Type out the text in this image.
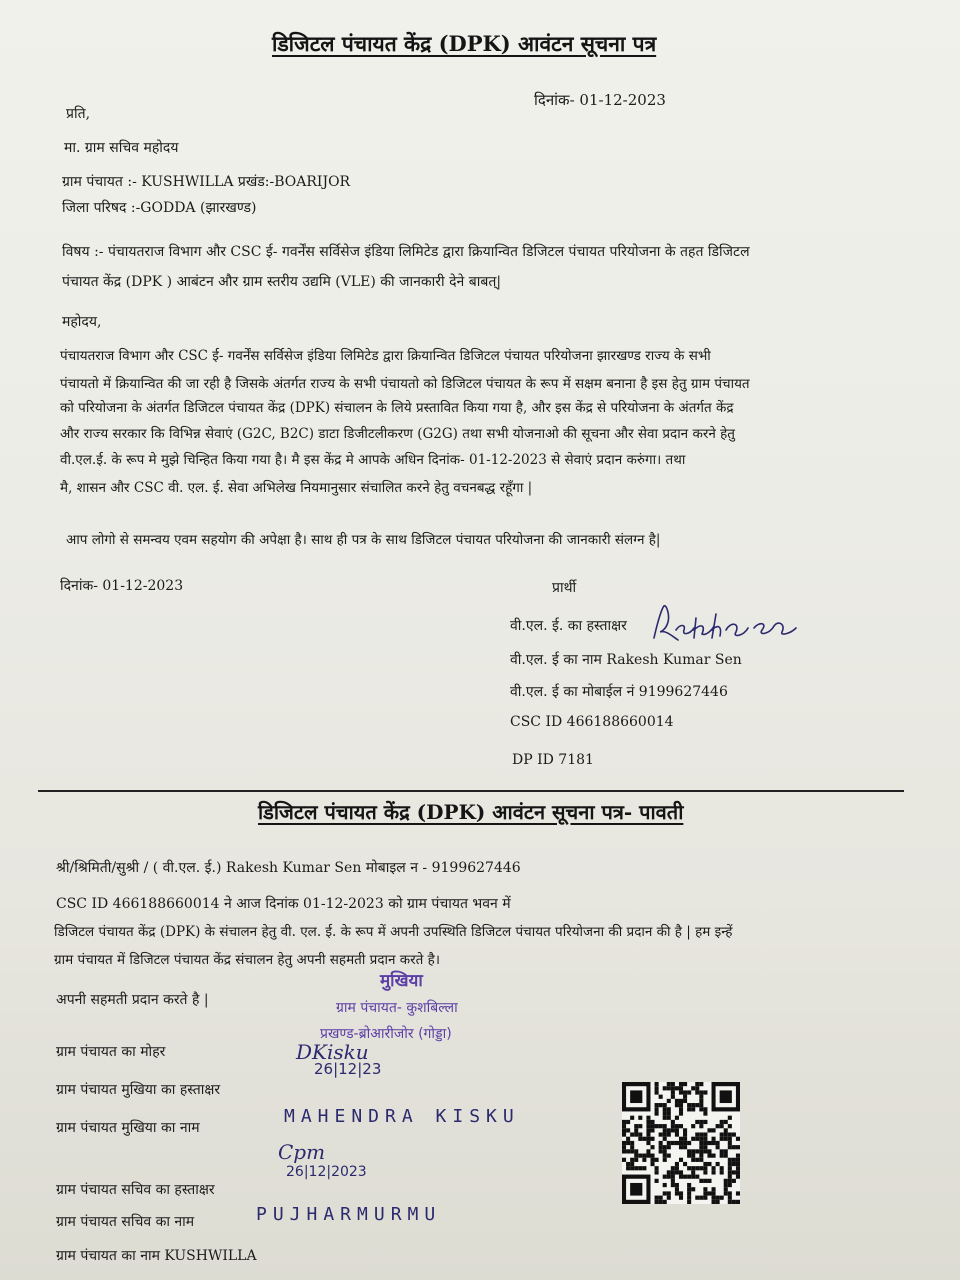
डिजिटल पंचायत केंद्र (DPK) आवंटन सूचना पत्र
दिनांक- 01-12-2023
प्रति,
मा. ग्राम सचिव महोदय
ग्राम पंचायत :- KUSHWILLA प्रखंड:-BOARIJOR
जिला परिषद :-GODDA (झारखण्ड)
विषय :- पंचायतराज विभाग और CSC ई- गवर्नेंस सर्विसेज इंडिया लिमिटेड द्वारा क्रियान्वित डिजिटल पंचायत परियोजना के तहत डिजिटल
पंचायत केंद्र (DPK ) आबंटन और ग्राम स्तरीय उद्यमि (VLE) की जानकारी देने बाबत्|
महोदय,
पंचायतराज विभाग और CSC ई- गवर्नेंस सर्विसेज इंडिया लिमिटेड द्वारा क्रियान्वित डिजिटल पंचायत परियोजना झारखण्ड राज्य के सभी
पंचायतो में क्रियान्वित की जा रही है जिसके अंतर्गत राज्य के सभी पंचायतो को डिजिटल पंचायत के रूप में सक्षम बनाना है इस हेतु ग्राम पंचायत
को परियोजना के अंतर्गत डिजिटल पंचायत केंद्र (DPK) संचालन के लिये प्रस्तावित किया गया है, और इस केंद्र से परियोजना के अंतर्गत केंद्र
और राज्य सरकार कि विभिन्न सेवाएं (G2C, B2C) डाटा डिजीटलीकरण (G2G) तथा सभी योजनाओ की सूचना और सेवा प्रदान करने हेतु
वी.एल.ई. के रूप मे मुझे चिन्हित किया गया है। मै इस केंद्र मे आपके अधिन दिनांक- 01-12-2023 से सेवाएं प्रदान करुंगा। तथा
मै, शासन और CSC वी. एल. ई. सेवा अभिलेख नियमानुसार संचालित करने हेतु वचनबद्ध रहूँगा |
आप लोगो से समन्वय एवम सहयोग की अपेक्षा है। साथ ही पत्र के साथ डिजिटल पंचायत परियोजना की जानकारी संलग्न है|
दिनांक- 01-12-2023	प्रार्थी
वी.एल. ई. का हस्ताक्षर
वी.एल. ई का नाम Rakesh Kumar Sen
वी.एल. ई का मोबाईल नं 9199627446
CSC ID 466188660014
DP ID 7181
डिजिटल पंचायत केंद्र (DPK) आवंटन सूचना पत्र- पावती
श्री/श्रिमिती/सुश्री / ( वी.एल. ई.) Rakesh Kumar Sen मोबाइल न - 9199627446
CSC ID 466188660014 ने आज दिनांक 01-12-2023 को ग्राम पंचायत भवन में
डिजिटल पंचायत केंद्र (DPK) के संचालन हेतु वी. एल. ई. के रूप में अपनी उपस्थिति डिजिटल पंचायत परियोजना की प्रदान की है | हम इन्हें
ग्राम पंचायत में डिजिटल पंचायत केंद्र संचालन हेतु अपनी सहमती प्रदान करते है।
अपनी सहमती प्रदान करते है |
मुखिया
ग्राम पंचायत- कुशबिल्ला
प्रखण्ड-ब्रोआरीजोर (गोड्डा)
ग्राम पंचायत का मोहर	DKisku
26|12|23
ग्राम पंचायत मुखिया का हस्ताक्षर
ग्राम पंचायत मुखिया का नाम
MAHENDRA KISKU
Cpm
26|12|2023
ग्राम पंचायत सचिव का हस्ताक्षर
ग्राम पंचायत सचिव का नाम	PUJHARMURMU
ग्राम पंचायत का नाम KUSHWILLA
